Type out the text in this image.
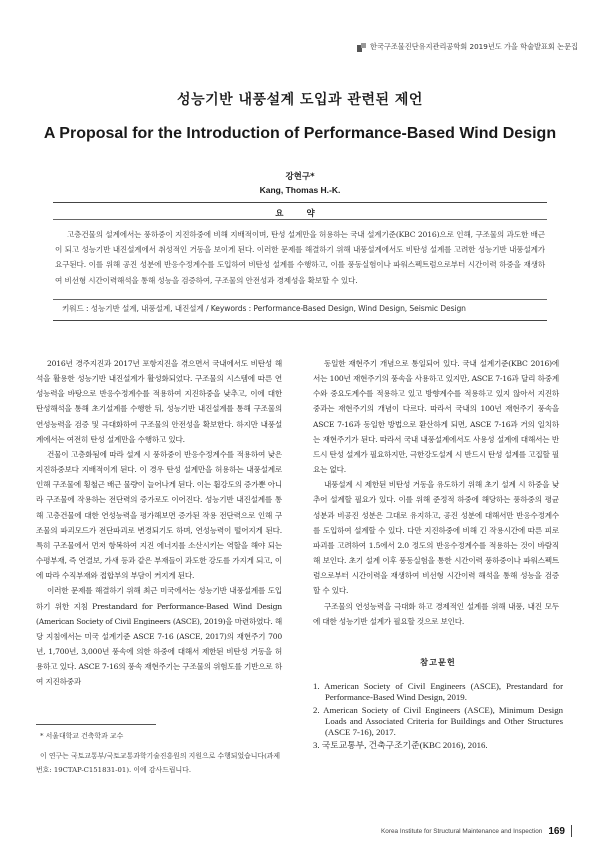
한국구조물진단유지관리공학회 2019년도 가을 학술발표회 논문집
성능기반 내풍설계 도입과 관련된 제언
A Proposal for the Introduction of Performance-Based Wind Design
강현구*
Kang, Thomas H.-K.
요 약
고층건물의 설계에서는 풍하중이 지진하중에 비해 지배적이며, 탄성 설계만을 허용하는 국내 설계기준(KBC 2016)으로 인해, 구조물의 과도한 배근이 되고 성능기반 내진설계에서 취성적인 거동을 보이게 된다. 이러한 문제를 해결하기 위해 내풍설계에서도 비탄성 설계를 고려한 성능기반 내풍설계가 요구된다. 이를 위해 공진 성분에 반응수정계수를 도입하여 비탄성 설계를 수행하고, 이를 풍동실험이나 파워스펙트럼으로부터 시간이력 하중을 재생하여 비선형 시간이력해석을 통해 성능을 검증하여, 구조물의 안전성과 경제성을 확보할 수 있다.
키워드 : 성능기반 설계, 내풍설계, 내진설계 / Keywords : Performance-Based Design, Wind Design, Seismic Design

2016년 경주지진과 2017년 포항지진을 겪으면서 국내에서도 비탄성 해석을 활용한 성능기반 내진설계가 활성화되었다. 구조물의 시스템에 따른 연성능력을 바탕으로 반응수정계수를 적용하여 지진하중을 낮추고, 이에 대한 탄성해석을 통해 초기설계를 수행한 뒤, 성능기반 내진설계를 통해 구조물의 연성능력을 검증 및 극대화하여 구조물의 안전성을 확보한다. 하지만 내풍설계에서는 여전히 탄성 설계만을 수행하고 있다.

건물이 고층화됨에 따라 설계 시 풍하중이 반응수정계수를 적용하여 낮은 지진하중보다 지배적이게 된다. 이 경우 탄성 설계만을 허용하는 내풍설계로 인해 구조물에 횡철근 배근 물량이 늘어나게 된다. 이는 휨강도의 증가뿐 아니라 구조물에 작용하는 전단력의 증가로도 이어진다. 성능기반 내진설계를 통해 고층건물에 대한 연성능력을 평가해보면 증가된 작용 전단력으로 인해 구조물의 파괴모드가 전단파괴로 변경되기도 하며, 연성능력이 떨어지게 된다. 특히 구조물에서 먼저 항복하여 지진 에너지를 소산시키는 역할을 해야 되는 수평부재, 즉 연결보, 가새 등과 같은 부재들이 과도한 강도를 가지게 되고, 이에 따라 수직부재와 접합부의 부담이 커지게 된다.

이러한 문제를 해결하기 위해 최근 미국에서는 성능기반 내풍설계를 도입하기 위한 지침 Prestandard for Performance-Based Wind Design (American Society of Civil Engineers (ASCE), 2019)을 마련하였다. 해당 지침에서는 미국 설계기준 ASCE 7-16 (ASCE, 2017)의 재현주기 700년, 1,700년, 3,000년 풍속에 의한 하중에 대해서 제한된 비탄성 거동을 허용하고 있다. ASCE 7-16의 풍속 재현주기는 구조물의 위험도를 기반으로 하여 지진하중과

* 서울대학교 건축학과 교수
이 연구는 국토교통부/국토교통과학기술진흥원의 지원으로 수행되었습니다(과제번호: 19CTAP-C151831-01). 이에 감사드립니다.

동일한 재현주기 개념으로 통일되어 있다. 국내 설계기준(KBC 2016)에서는 100년 재현주기의 풍속을 사용하고 있지만, ASCE 7-16과 달리 하중계수와 중요도계수를 적용하고 있고 방향계수를 적용하고 있지 않아서 지진하중과는 재현주기의 개념이 다르다. 따라서 국내의 100년 재현주기 풍속을 ASCE 7-16과 동일한 방법으로 환산하게 되면, ASCE 7-16과 거의 일치하는 재현주기가 된다. 따라서 국내 내풍설계에서도 사용성 설계에 대해서는 반드시 탄성 설계가 필요하지만, 극한강도설계 시 반드시 탄성 설계를 고집할 필요는 없다.

내풍설계 시 제한된 비탄성 거동을 유도하기 위해 초기 설계 시 하중을 낮추어 설계할 필요가 있다. 이를 위해 준정적 하중에 해당하는 풍하중의 평균 성분과 비공진 성분은 그대로 유지하고, 공진 성분에 대해서만 반응수정계수를 도입하여 설계할 수 있다. 다만 지진하중에 비해 긴 작용시간에 따른 피로파괴를 고려하여 1.5에서 2.0 정도의 반응수정계수를 적용하는 것이 바람직해 보인다. 초기 설계 이후 풍동실험을 통한 시간이력 풍하중이나 파워스펙트럼으로부터 시간이력을 재생하여 비선형 시간이력 해석을 통해 성능을 검증할 수 있다.

구조물의 연성능력을 극대화 하고 경제적인 설계를 위해 내풍, 내진 모두에 대한 성능기반 설계가 필요할 것으로 보인다.

참고문헌
1. American Society of Civil Engineers (ASCE), Prestandard for Performance-Based Wind Design, 2019.
2. American Society of Civil Engineers (ASCE), Minimum Design Loads and Associated Criteria for Buildings and Other Structures (ASCE 7-16), 2017.
3. 국토교통부, 건축구조기준(KBC 2016), 2016.
Korea Institute for Structural Maintenance and Inspection 169
